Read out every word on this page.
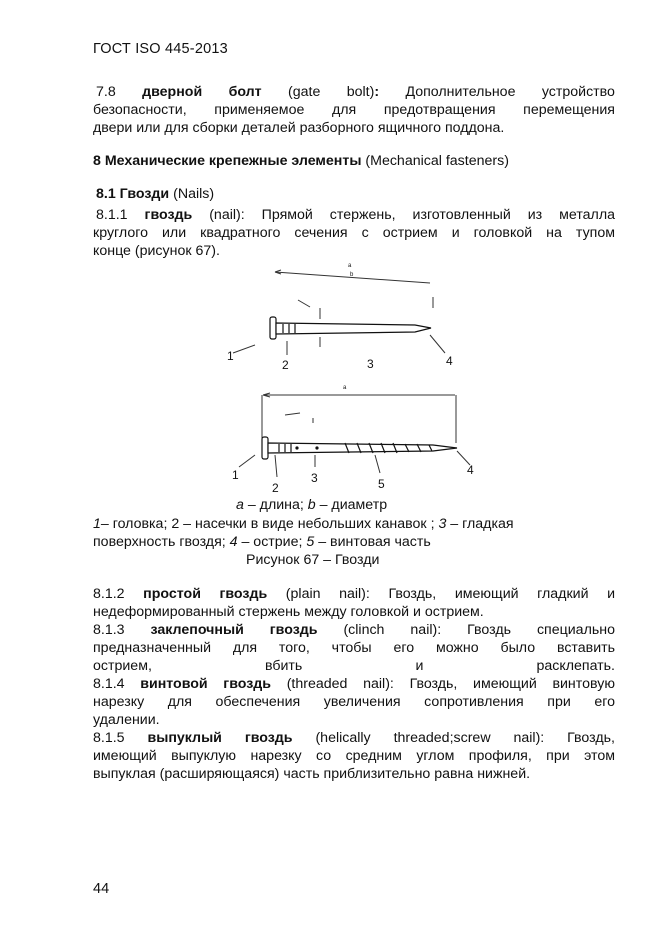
ГОСТ ISO 445-2013
7.8 дверной болт (gate bolt): Дополнительное устройство
безопасности, применяемое для предотвращения перемещения
двери или для сборки деталей разборного ящичного поддона.
8 Механические крепежные элементы (Mechanical fasteners)
8.1 Гвозди (Nails)
8.1.1 гвоздь (nail): Прямой стержень, изготовленный из металла
круглого или квадратного сечения с острием и головкой на тупом
конце (рисунок 67).
a
b
1
2	3	4
a
1
2
3	5
4
a – длина; b – диаметр
1– головка; 2 – насечки в виде небольших канавок ; 3 – гладкая
поверхность гвоздя; 4 – острие; 5 – винтовая часть
Рисунок 67 – Гвозди
8.1.2 простой гвоздь (plain nail): Гвоздь, имеющий гладкий и
недеформированный стержень между головкой и острием.
8.1.3 заклепочный гвоздь (clinch nail): Гвоздь специально
предназначенный для того, чтобы его можно было вставить
острием,	вбить	и	расклепать.
8.1.4 винтовой гвоздь (threaded nail): Гвоздь, имеющий винтовую
нарезку для обеспечения увеличения сопротивления при его
удалении.
8.1.5 выпуклый гвоздь (helically threaded;screw nail): Гвоздь,
имеющий выпуклую нарезку со средним углом профиля, при этом
выпуклая (расширяющаяся) часть приблизительно равна нижней.
44
